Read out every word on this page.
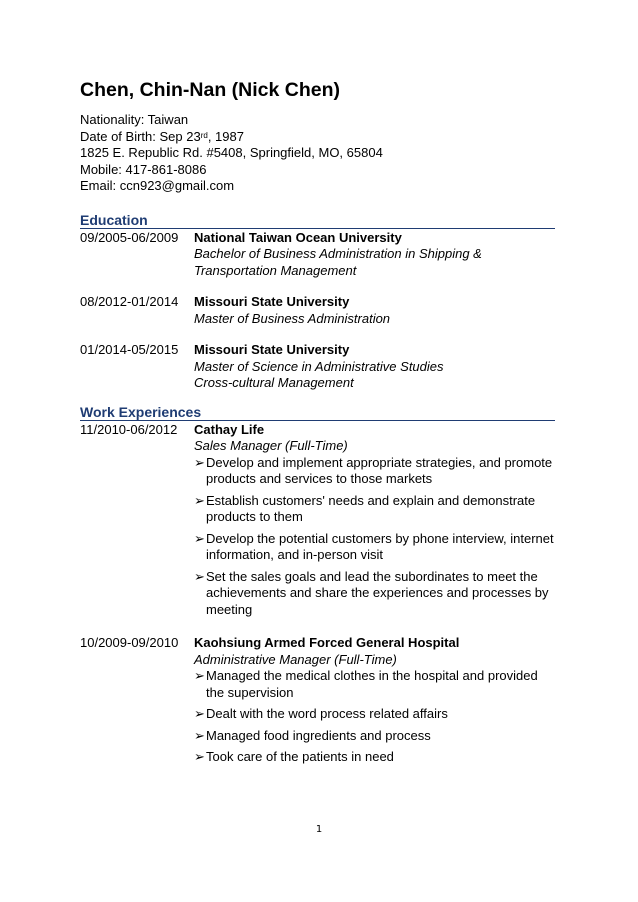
Chen, Chin-Nan (Nick Chen)
Nationality: Taiwan
Date of Birth: Sep 23rd, 1987
1825 E. Republic Rd. #5408, Springfield, MO, 65804
Mobile: 417-861-8086
Email: ccn923@gmail.com
Education
09/2005-06/2009	National Taiwan Ocean University
Bachelor of Business Administration in Shipping &
Transportation Management
08/2012-01/2014	Missouri State University
Master of Business Administration
01/2014-05/2015	Missouri State University
Master of Science in Administrative Studies
Cross-cultural Management
Work Experiences
11/2010-06/2012	Cathay Life
Sales Manager (Full-Time)
➢ Develop and implement appropriate strategies, and promote products and services to those markets
➢ Establish customers' needs and explain and demonstrate products to them
➢ Develop the potential customers by phone interview, internet information, and in-person visit
➢ Set the sales goals and lead the subordinates to meet the achievements and share the experiences and processes by meeting
10/2009-09/2010	Kaohsiung Armed Forced General Hospital
Administrative Manager (Full-Time)
➢ Managed the medical clothes in the hospital and provided the supervision
➢ Dealt with the word process related affairs
➢ Managed food ingredients and process
➢ Took care of the patients in need
1
